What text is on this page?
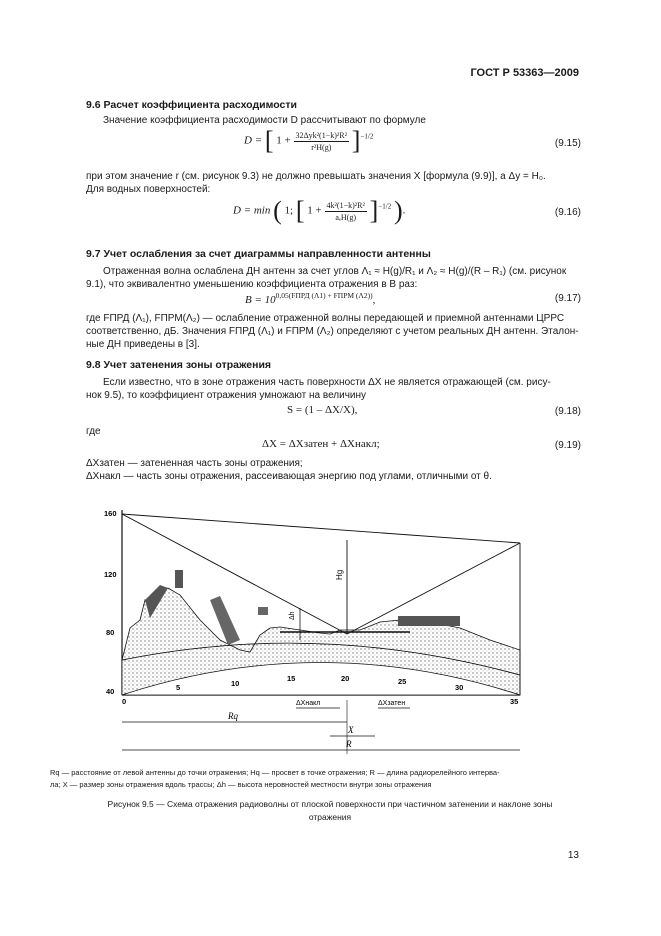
ГОСТ Р 53363—2009
9.6 Расчет коэффициента расходимости
Значение коэффициента расходимости D рассчитывают по формуле
D = [ $1 + \frac{\text{32Δyk²(1−k)²R²}}{\text{r²H(g)}} ]^{-1/2}$
(9.15)
при этом значение r (см. рисунок 9.3) не должно превышать значения X [формула (9.9)], а Δy = H₀.
Для водных поверхностей:
D = min ( 1; [ $1 + \frac{\text{4k²(1−k)²R²}}{\text{aₑH(g)}} ]^{-1/2}$ ).	(9.16)
9.7 Учет ослабления за счет диаграммы направленности антенны
Отраженная волна ослаблена ДН антенн за счет углов Λ₁ ≈ H(g)/R₁ и Λ₂ ≈ H(g)/(R – R₁) (см. рисунок
9.1), что эквивалентно уменьшению коэффициента отражения в B раз:
$B = 10^{0,05(FПРД (\Lambda 1) + FПРМ (\Lambda 2))}$,	(9.17)
где FПРД (Λ₁), FПРМ(Λ₂) — ослабление отраженной волны передающей и приемной антеннами ЦРРС
соответственно, дБ. Значения FПРД (Λ₁) и FПРМ (Λ₂) определяют с учетом реальных ДН антенн. Эталон-
ные ДН приведены в [3].
9.8 Учет затенения зоны отражения
Если известно, что в зоне отражения часть поверхности ΔX не является отражающей (см. рису-
нок 9.5), то коэффициент отражения умножают на величину
S = (1 – ΔX/X),	(9.18)
где
ΔX = ΔXзатен + ΔXнакл;	(9.19)
ΔXзатен — затененная часть зоны отражения;
ΔXнакл — часть зоны отражения, рассеивающая энергию под углами, отличными от θ.
Hg
Δh
160
120
80
40
0
5	10
15	20	25
30
35
ΔXнакл	ΔXзатен
Rq
X
R
Rq — расстояние от левой антенны до точки отражения; Hq — просвет в точке отражения; R — длина радиорелейного интерва-
ла; X — размер зоны отражения вдоль трассы; Δh — высота неровностей местности внутри зоны отражения
Рисунок 9.5 — Схема отражения радиоволны от плоской поверхности при частичном затенении и наклоне зоны
отражения
13
